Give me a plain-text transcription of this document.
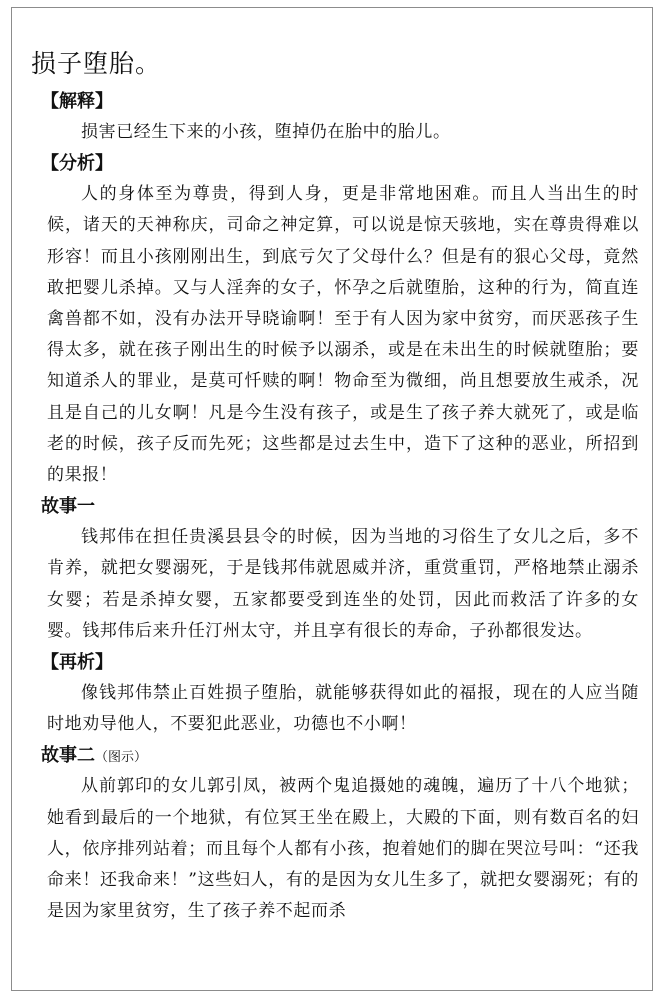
损子堕胎。
【解释】

损害已经生下来的小孩，堕掉仍在胎中的胎儿。

【分析】

人的身体至为尊贵，得到人身，更是非常地困难。而且人当出生的时候，诸天的天神称庆，司命之神定算，可以说是惊天骇地，实在尊贵得难以形容！而且小孩刚刚出生，到底亏欠了父母什么？但是有的狠心父母，竟然敢把婴儿杀掉。又与人淫奔的女子，怀孕之后就堕胎，这种的行为，简直连禽兽都不如，没有办法开导晓谕啊！至于有人因为家中贫穷，而厌恶孩子生得太多，就在孩子刚出生的时候予以溺杀，或是在未出生的时候就堕胎；要知道杀人的罪业，是莫可忏赎的啊！物命至为微细，尚且想要放生戒杀，况且是自己的儿女啊！凡是今生没有孩子，或是生了孩子养大就死了，或是临老的时候，孩子反而先死；这些都是过去生中，造下了这种的恶业，所招到的果报！

故事一

钱邦伟在担任贵溪县县令的时候，因为当地的习俗生了女儿之后，多不肯养，就把女婴溺死，于是钱邦伟就恩威并济，重赏重罚，严格地禁止溺杀女婴；若是杀掉女婴，五家都要受到连坐的处罚，因此而救活了许多的女婴。钱邦伟后来升任汀州太守，并且享有很长的寿命，子孙都很发达。

【再析】

像钱邦伟禁止百姓损子堕胎，就能够获得如此的福报，现在的人应当随时地劝导他人，不要犯此恶业，功德也不小啊！

故事二（图示）

从前郭印的女儿郭引凤，被两个鬼追摄她的魂魄，遍历了十八个地狱；她看到最后的一个地狱，有位冥王坐在殿上，大殿的下面，则有数百名的妇人，依序排列站着；而且每个人都有小孩，抱着她们的脚在哭泣号叫：“还我命来！还我命来！”这些妇人，有的是因为女儿生多了，就把女婴溺死；有的是因为家里贫穷，生了孩子养不起而杀
